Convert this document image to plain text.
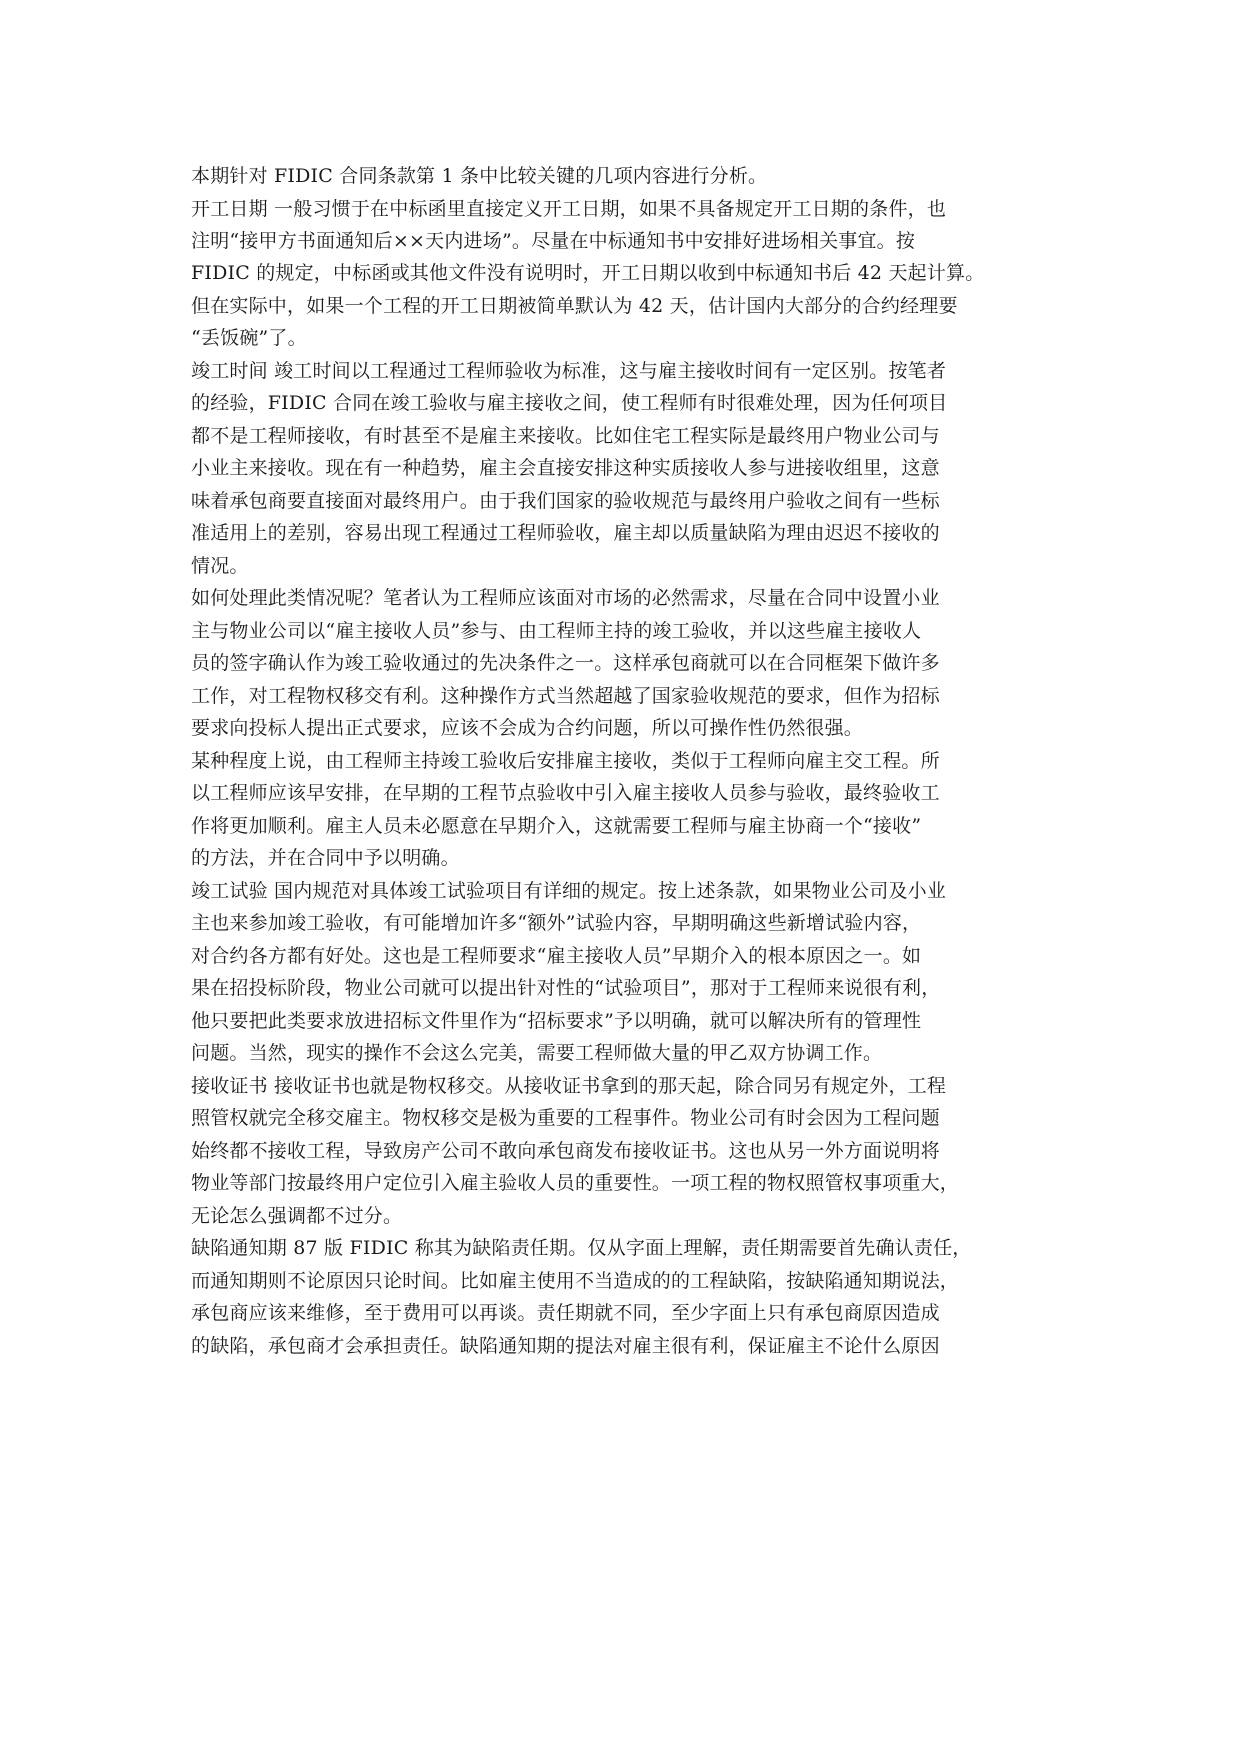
本期针对 FIDIC 合同条款第 1 条中比较关键的几项内容进行分析。
开工日期 一般习惯于在中标函里直接定义开工日期，如果不具备规定开工日期的条件，也
注明“接甲方书面通知后××天内进场”。尽量在中标通知书中安排好进场相关事宜。按
FIDIC 的规定，中标函或其他文件没有说明时，开工日期以收到中标通知书后 42 天起计算。
但在实际中，如果一个工程的开工日期被简单默认为 42 天，估计国内大部分的合约经理要
“丢饭碗”了。
竣工时间 竣工时间以工程通过工程师验收为标准，这与雇主接收时间有一定区别。按笔者
的经验，FIDIC 合同在竣工验收与雇主接收之间，使工程师有时很难处理，因为任何项目
都不是工程师接收，有时甚至不是雇主来接收。比如住宅工程实际是最终用户物业公司与
小业主来接收。现在有一种趋势，雇主会直接安排这种实质接收人参与进接收组里，这意
味着承包商要直接面对最终用户。由于我们国家的验收规范与最终用户验收之间有一些标
准适用上的差别，容易出现工程通过工程师验收，雇主却以质量缺陷为理由迟迟不接收的
情况。
如何处理此类情况呢？笔者认为工程师应该面对市场的必然需求，尽量在合同中设置小业
主与物业公司以“雇主接收人员”参与、由工程师主持的竣工验收，并以这些雇主接收人
员的签字确认作为竣工验收通过的先决条件之一。这样承包商就可以在合同框架下做许多
工作，对工程物权移交有利。这种操作方式当然超越了国家验收规范的要求，但作为招标
要求向投标人提出正式要求，应该不会成为合约问题，所以可操作性仍然很强。
某种程度上说，由工程师主持竣工验收后安排雇主接收，类似于工程师向雇主交工程。所
以工程师应该早安排，在早期的工程节点验收中引入雇主接收人员参与验收，最终验收工
作将更加顺利。雇主人员未必愿意在早期介入，这就需要工程师与雇主协商一个“接收”
的方法，并在合同中予以明确。
竣工试验 国内规范对具体竣工试验项目有详细的规定。按上述条款，如果物业公司及小业
主也来参加竣工验收，有可能增加许多“额外”试验内容，早期明确这些新增试验内容，
对合约各方都有好处。这也是工程师要求“雇主接收人员”早期介入的根本原因之一。如
果在招投标阶段，物业公司就可以提出针对性的“试验项目”，那对于工程师来说很有利，
他只要把此类要求放进招标文件里作为“招标要求”予以明确，就可以解决所有的管理性
问题。当然，现实的操作不会这么完美，需要工程师做大量的甲乙双方协调工作。
接收证书 接收证书也就是物权移交。从接收证书拿到的那天起，除合同另有规定外，工程
照管权就完全移交雇主。物权移交是极为重要的工程事件。物业公司有时会因为工程问题
始终都不接收工程，导致房产公司不敢向承包商发布接收证书。这也从另一外方面说明将
物业等部门按最终用户定位引入雇主验收人员的重要性。一项工程的物权照管权事项重大，
无论怎么强调都不过分。
缺陷通知期 87 版 FIDIC 称其为缺陷责任期。仅从字面上理解，责任期需要首先确认责任，
而通知期则不论原因只论时间。比如雇主使用不当造成的的工程缺陷，按缺陷通知期说法，
承包商应该来维修，至于费用可以再谈。责任期就不同，至少字面上只有承包商原因造成
的缺陷，承包商才会承担责任。缺陷通知期的提法对雇主很有利，保证雇主不论什么原因
